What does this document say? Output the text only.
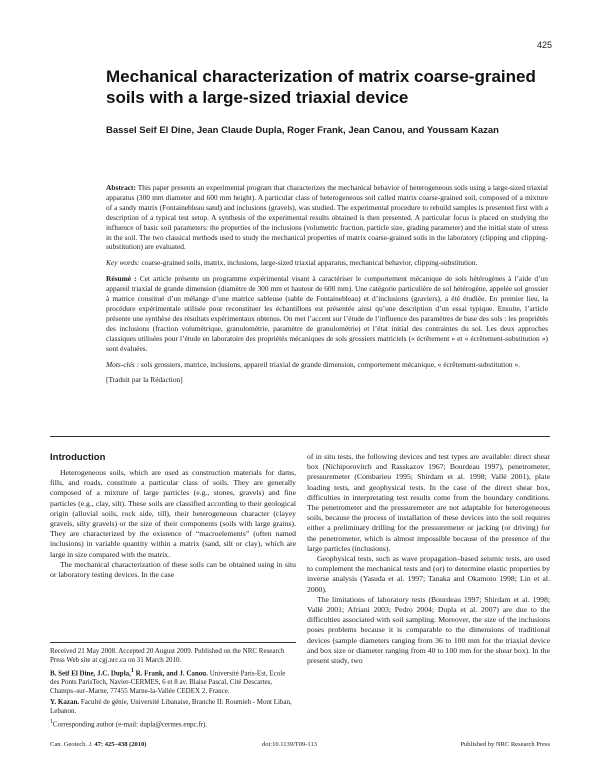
425
Mechanical characterization of matrix coarse-grained soils with a large-sized triaxial device
Bassel Seif El Dine, Jean Claude Dupla, Roger Frank, Jean Canou, and Youssam Kazan

Abstract: This paper presents an experimental program that characterizes the mechanical behavior of heterogeneous soils using a large-sized triaxial apparatus (300 mm diameter and 600 mm height). A particular class of heterogeneous soil called matrix coarse-grained soil, composed of a mixture of a sandy matrix (Fontainebleau sand) and inclusions (gravels), was studied. The experimental procedure to rebuild samples is presented first with a description of a typical test setup. A synthesis of the experimental results obtained is then presented. A particular focus is placed on studying the influence of basic soil parameters: the properties of the inclusions (volumetric fraction, particle size, grading parameter) and the initial state of stress in the soil. The two classical methods used to study the mechanical properties of matrix coarse-grained soils in the laboratory (clipping and clipping-substitution) are evaluated.

Key words: coarse-grained soils, matrix, inclusions, large-sized triaxial apparatus, mechanical behavior, clipping-substitution.

Résumé : Cet article présente un programme expérimental visant à caractériser le comportement mécanique de sols hétérogènes à l’aide d’un appareil triaxial de grande dimension (diamètre de 300 mm et hauteur de 600 mm). Une catégorie particulière de sol hétérogène, appelée sol grossier à matrice constitué d’un mélange d’une matrice sableuse (sable de Fontainebleau) et d’inclusions (graviers), a été étudiée. En premier lieu, la procédure expérimentale utilisée pour reconstituer les échantillons est présentée ainsi qu’une description d’un essai typique. Ensuite, l’article présente une synthèse des résultats expérimentaux obtenus. On met l’accent sur l’étude de l’influence des paramètres de base des sols : les propriétés des inclusions (fraction volumétrique, granulométrie, paramètre de granulométrie) et l’état initial des contraintes du sol. Les deux approches classiques utilisées pour l’étude en laboratoire des propriétés mécaniques de sols grossiers matriciels (« écrêtement » et « écrêtement-substitution ») sont évaluées.

Mots-clés : sols grossiers, matrice, inclusions, appareil triaxial de grande dimension, comportement mécanique, « écrêtement-substitution ».

[Traduit par la Rédaction]

Introduction

Heterogeneous soils, which are used as construction materials for dams, fills, and roads, constitute a particular class of soils. They are generally composed of a mixture of large particles (e.g., stones, gravels) and fine particles (e.g., clay, silt). These soils are classified according to their geological origin (alluvial soils, rock side, till), their heterogeneous character (clayey gravels, silty gravels) or the size of their components (soils with large grains). They are characterized by the existence of “macroelements” (often named inclusions) in variable quantity within a matrix (sand, silt or clay), which are large in size compared with the matrix.

The mechanical characterization of these soils can be obtained using in situ or laboratory testing devices. In the case

of in situ tests, the following devices and test types are available: direct shear box (Nichiporovitch and Rasskazov 1967; Bourdeau 1997), penetrometer, pressuremeter (Combarieu 1995; Shirdam et al. 1998; Vallé 2001), plate loading tests, and geophysical tests. In the case of the direct shear box, difficulties in interpretating test results come from the boundary conditions. The penetrometer and the pressuremeter are not adaptable for heterogeneous soils, because the process of installation of these devices into the soil requires either a preliminary drilling for the pressuremeter or jacking (or driving) for the penetrometer, which is almost impossible because of the presence of the large particles (inclusions).

Geophysical tests, such as wave propagation–based seismic tests, are used to complement the mechanical tests and (or) to determine elastic properties by inverse analysis (Yasuda et al. 1997; Tanaka and Okamoto 1998; Lin et al. 2000).

The limitations of laboratory tests (Bourdeau 1997; Shirdam et al. 1998; Vallé 2001; Afriani 2003; Pedro 2004; Dupla et al. 2007) are due to the difficulties associated with soil sampling. Moreover, the size of the inclusions poses problems because it is comparable to the dimensions of traditional devices (sample diameters ranging from 36 to 100 mm for the triaxial device and box size or diameter ranging from 40 to 100 mm for the shear box). In the present study, two

Received 21 May 2008. Accepted 20 August 2009. Published on the NRC Research Press Web site at cgj.nrc.ca on 31 March 2010.

B. Seif El Dine, J.C. Dupla,$^1$ R. Frank, and J. Canou. Université Paris-Est, Ecole des Ponts ParisTech, Navier-CERMES, 6 et 8 av. Blaise Pascal, Cité Descartes, Champs–sur–Marne, 77455 Marne-la-Vallée CEDEX 2, France.

Y. Kazan. Faculté de génie, Université Libanaise, Branche II: Roumieh - Mont Liban, Lebanon.

$^1$Corresponding author (e-mail: dupla@cermes.enpc.fr).

Can. Geotech. J. 47: 425–438 (2010)	doi:10.1139/T09-113	Published by NRC Research Press
